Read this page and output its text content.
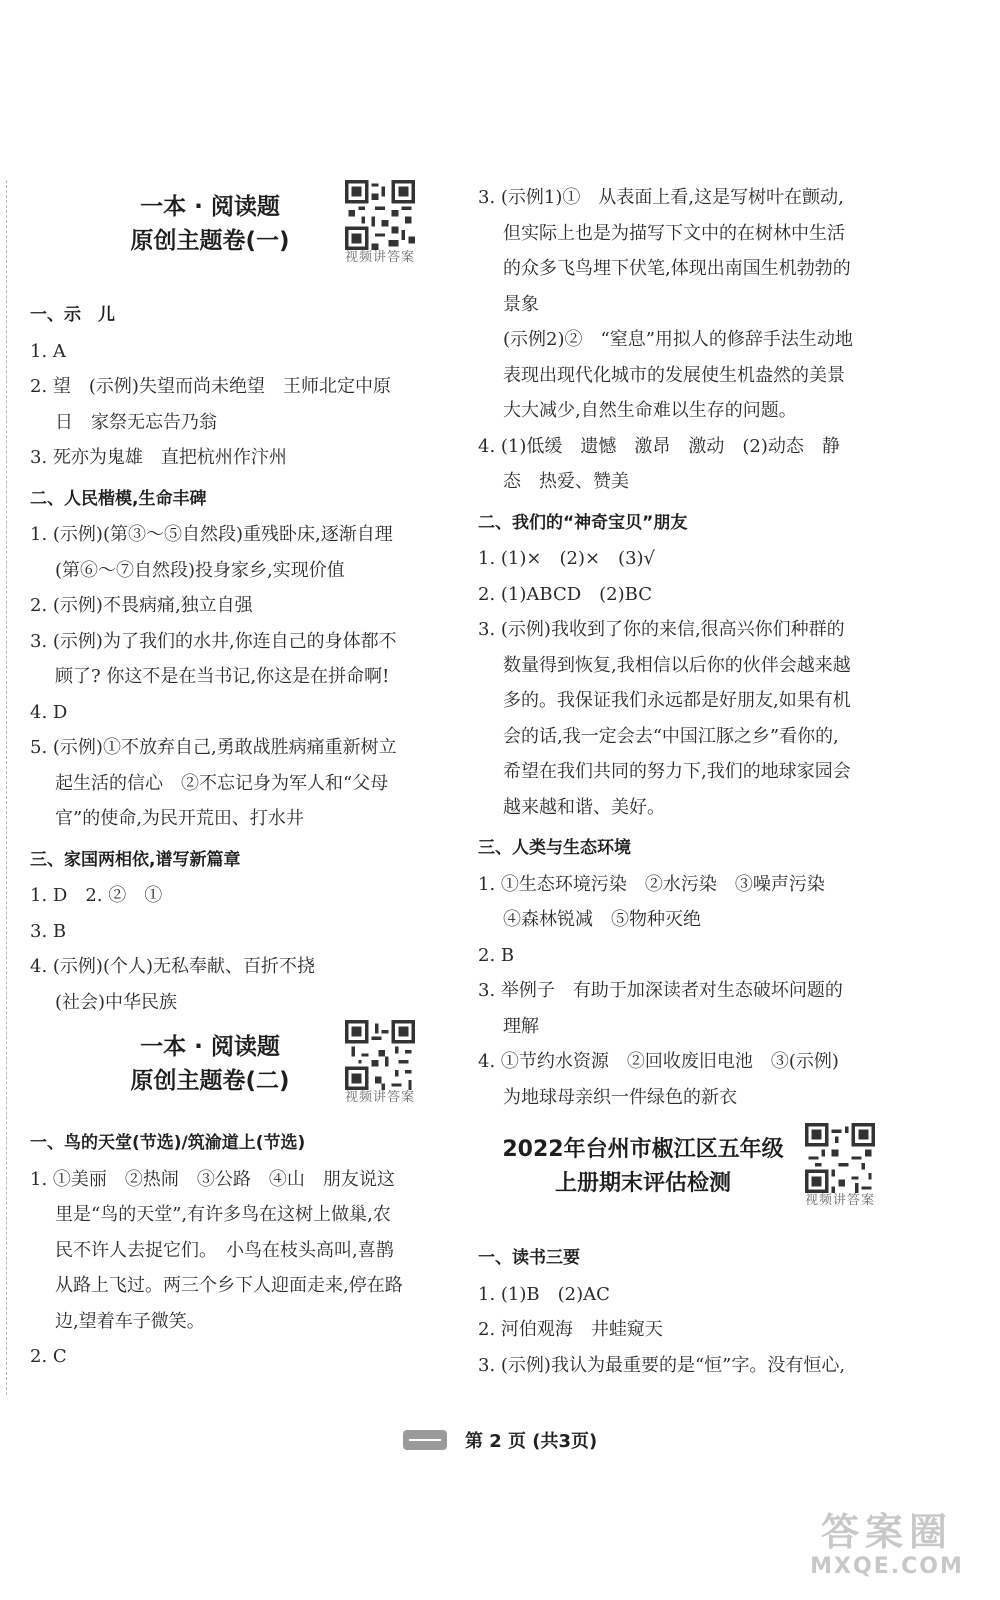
一本 · 阅读题
原创主题卷(一)
视频讲答案
一、示　儿
1. A
2. 望　(示例)失望而尚未绝望　王师北定中原
日　家祭无忘告乃翁
3. 死亦为鬼雄　直把杭州作汴州
二、人民楷模,生命丰碑
1. (示例)(第③～⑤自然段)重残卧床,逐渐自理
(第⑥～⑦自然段)投身家乡,实现价值
2. (示例)不畏病痛,独立自强
3. (示例)为了我们的水井,你连自己的身体都不
顾了? 你这不是在当书记,你这是在拼命啊!
4. D
5. (示例)①不放弃自己,勇敢战胜病痛重新树立
起生活的信心　②不忘记身为军人和“父母
官”的使命,为民开荒田、打水井
三、家国两相依,谱写新篇章
1. D　2. ②　①
3. B
4. (示例)(个人)无私奉献、百折不挠
(社会)中华民族
一本 · 阅读题
原创主题卷(二)
视频讲答案
一、鸟的天堂(节选)/筑渝道上(节选)
1. ①美丽　②热闹　③公路　④山　朋友说这
里是“鸟的天堂”,有许多鸟在这树上做巢,农
民不许人去捉它们。　小鸟在枝头高叫,喜鹊
从路上飞过。两三个乡下人迎面走来,停在路
边,望着车子微笑。
2. C
3. (示例1)①　从表面上看,这是写树叶在颤动,
但实际上也是为描写下文中的在树林中生活
的众多飞鸟埋下伏笔,体现出南国生机勃勃的
景象
(示例2)②　“窒息”用拟人的修辞手法生动地
表现出现代化城市的发展使生机盎然的美景
大大减少,自然生命难以生存的问题。
4. (1)低缓　遗憾　激昂　激动　(2)动态　静
态　热爱、赞美
二、我们的“神奇宝贝”朋友
1. (1)×　(2)×　(3)√
2. (1)ABCD　(2)BC
3. (示例)我收到了你的来信,很高兴你们种群的
数量得到恢复,我相信以后你的伙伴会越来越
多的。我保证我们永远都是好朋友,如果有机
会的话,我一定会去“中国江豚之乡”看你的,
希望在我们共同的努力下,我们的地球家园会
越来越和谐、美好。
三、人类与生态环境
1. ①生态环境污染　②水污染　③噪声污染
④森林锐减　⑤物种灭绝
2. B
3. 举例子　有助于加深读者对生态破坏问题的
理解
4. ①节约水资源　②回收废旧电池　③(示例)
为地球母亲织一件绿色的新衣
2022年台州市椒江区五年级
上册期末评估检测
视频讲答案
一、读书三要
1. (1)B　(2)AC
2. 河伯观海　井蛙窥天
3. (示例)我认为最重要的是“恒”字。没有恒心,
第 2 页 (共3页)
答案圈
MXQE.COM
